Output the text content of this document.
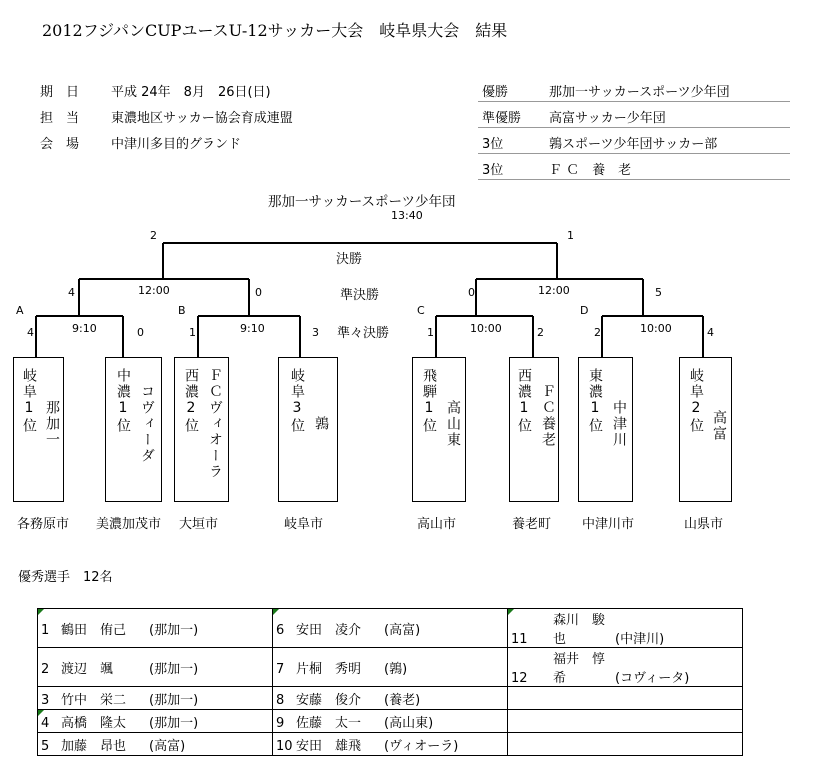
2012フジパンCUPユースU-12サッカー大会　岐阜県大会　結果
期　日 平成 24年　8月　26日(日)
担　当 東濃地区サッカー協会育成連盟
会　場 中津川多目的グランド
優勝	那加一サッカースポーツ少年団
準優勝 高富サッカー少年団
3位	鶉スポーツ少年団サッカー部
3位	Ｆ Ｃ　養　老
那加一サッカースポーツ少年団
13:40
2	1
決勝
4	12:00	0	準決勝	0	12:00	5
A	B	C	D
準々決勝
4	9:10	0	1	9:10	3	1	10:00	2	2	10:00	4
岐阜1位 那加一	中濃1位 コヴィーダ 西濃2位 ＦＣヴィオーラ	岐阜3位 鶉	飛騨1位 高山東	西濃1位 ＦＣ養老 東濃1位 中津川	岐阜2位 高富
各務原市 美濃加茂市 大垣市	岐阜市	高山市	養老町 中津川市	山県市
優秀選手　12名
1 鶴田　侑己 (那加一)	6 安田　凌介 (高富)	11森川　駿也 (中津川)
2 渡辺　颯 (那加一)	7 片桐　秀明 (鶉)	12福井　惇希 (コヴィータ)
3 竹中　栄二 (那加一)	8 安藤　俊介 (養老)	

4 高橋　隆太 (那加一)	9 佐藤　太一 (高山東)	
5 加藤　昂也 (高富)	10 安田　雄飛 (ヴィオーラ)	
